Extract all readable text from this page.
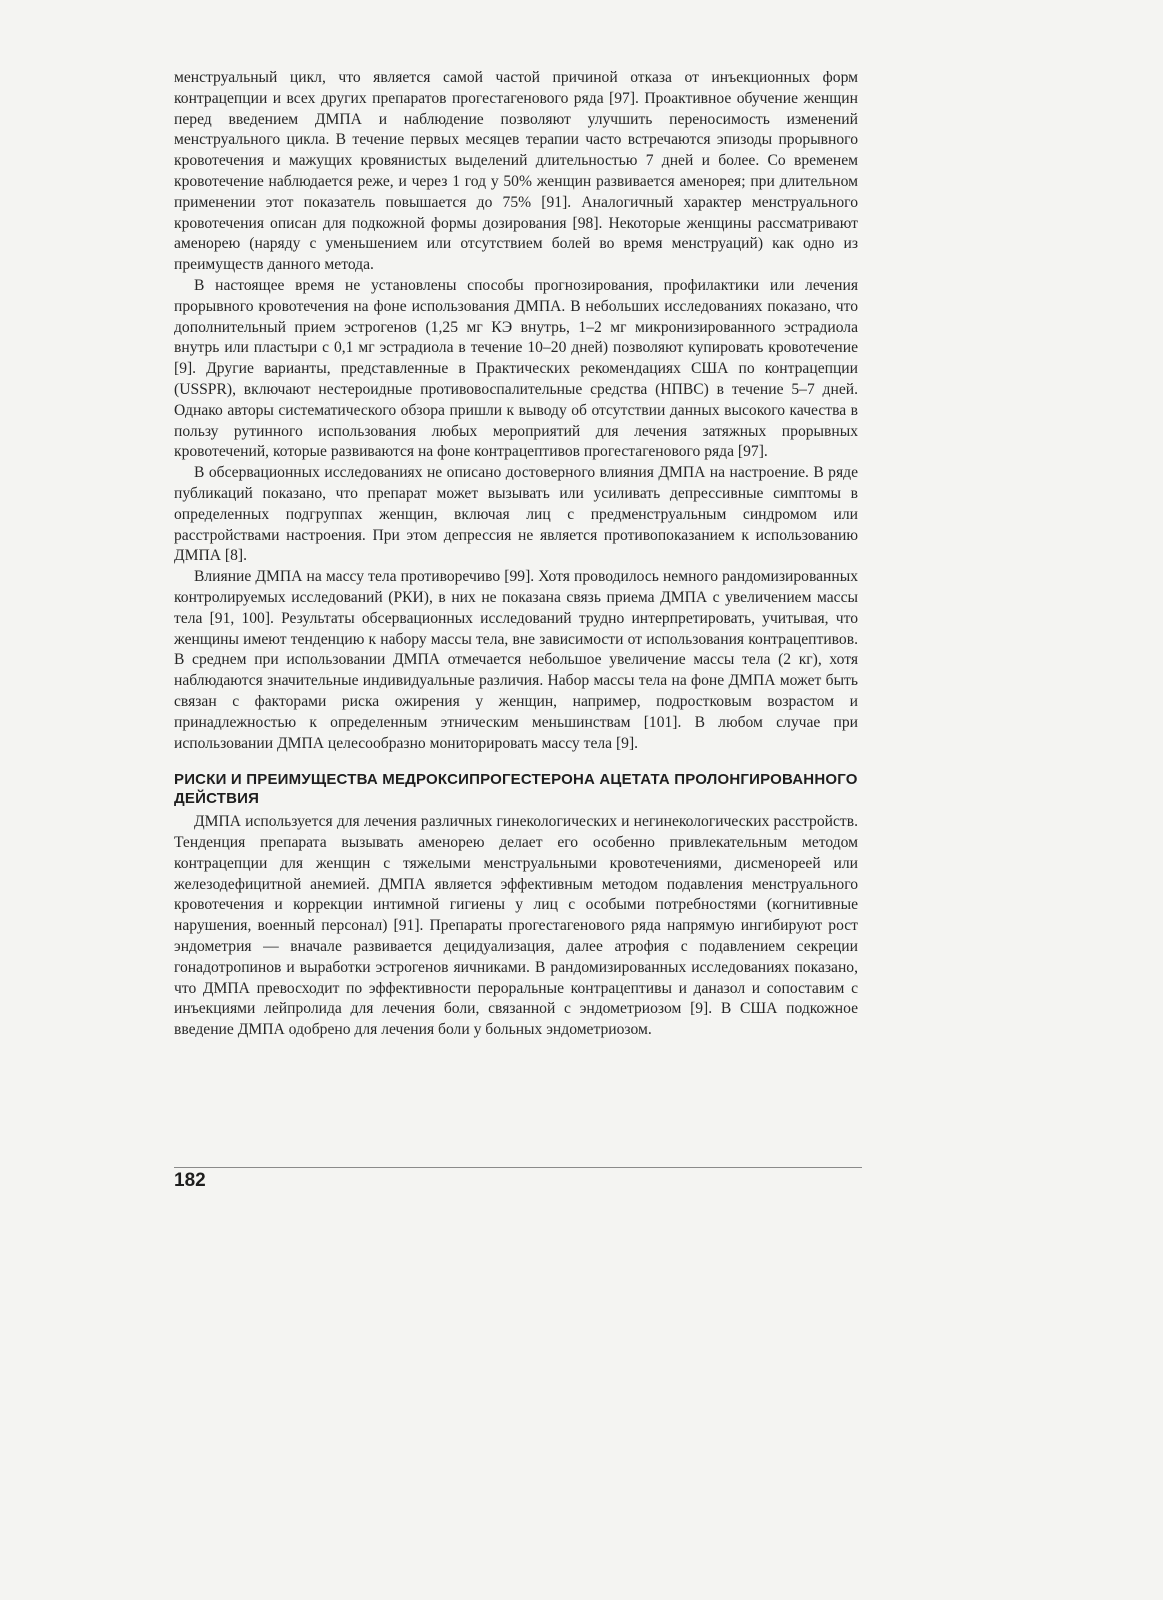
менструальный цикл, что является самой частой причиной отказа от инъекционных форм контрацепции и всех других препаратов прогестагенового ряда [97]. Проактивное обучение женщин перед введением ДМПА и наблюдение позволяют улучшить переносимость изменений менструального цикла. В течение первых месяцев терапии часто встречаются эпизоды прорывного кровотечения и мажущих кровянистых выделений длительностью 7 дней и более. Со временем кровотечение наблюдается реже, и через 1 год у 50% женщин развивается аменорея; при длительном применении этот показатель повышается до 75% [91]. Аналогичный характер менструального кровотечения описан для подкожной формы дозирования [98]. Некоторые женщины рассматривают аменорею (наряду с уменьшением или отсутствием болей во время менструаций) как одно из преимуществ данного метода.

В настоящее время не установлены способы прогнозирования, профилактики или лечения прорывного кровотечения на фоне использования ДМПА. В небольших исследованиях показано, что дополнительный прием эстрогенов (1,25 мг КЭ внутрь, 1–2 мг микронизированного эстрадиола внутрь или пластыри с 0,1 мг эстрадиола в течение 10–20 дней) позволяют купировать кровотечение [9]. Другие варианты, представленные в Практических рекомендациях США по контрацепции (USSPR), включают нестероидные противовоспалительные средства (НПВС) в течение 5–7 дней. Однако авторы систематического обзора пришли к выводу об отсутствии данных высокого качества в пользу рутинного использования любых мероприятий для лечения затяжных прорывных кровотечений, которые развиваются на фоне контрацептивов прогестагенового ряда [97].

В обсервационных исследованиях не описано достоверного влияния ДМПА на настроение. В ряде публикаций показано, что препарат может вызывать или усиливать депрессивные симптомы в определенных подгруппах женщин, включая лиц с предменструальным синдромом или расстройствами настроения. При этом депрессия не является противопоказанием к использованию ДМПА [8].

Влияние ДМПА на массу тела противоречиво [99]. Хотя проводилось немного рандомизированных контролируемых исследований (РКИ), в них не показана связь приема ДМПА с увеличением массы тела [91, 100]. Результаты обсервационных исследований трудно интерпретировать, учитывая, что женщины имеют тенденцию к набору массы тела, вне зависимости от использования контрацептивов. В среднем при использовании ДМПА отмечается небольшое увеличение массы тела (2 кг), хотя наблюдаются значительные индивидуальные различия. Набор массы тела на фоне ДМПА может быть связан с факторами риска ожирения у женщин, например, подростковым возрастом и принадлежностью к определенным этническим меньшинствам [101]. В любом случае при использовании ДМПА целесообразно мониторировать массу тела [9].

РИСКИ И ПРЕИМУЩЕСТВА МЕДРОКСИПРОГЕСТЕРОНА АЦЕТАТА ПРОЛОНГИРОВАННОГО ДЕЙСТВИЯ

ДМПА используется для лечения различных гинекологических и негинекологических расстройств. Тенденция препарата вызывать аменорею делает его особенно привлекательным методом контрацепции для женщин с тяжелыми менструальными кровотечениями, дисменореей или железодефицитной анемией. ДМПА является эффективным методом подавления менструального кровотечения и коррекции интимной гигиены у лиц с особыми потребностями (когнитивные нарушения, военный персонал) [91]. Препараты прогестагенового ряда напрямую ингибируют рост эндометрия — вначале развивается децидуализация, далее атрофия с подавлением секреции гонадотропинов и выработки эстрогенов яичниками. В рандомизированных исследованиях показано, что ДМПА превосходит по эффективности пероральные контрацептивы и даназол и сопоставим с инъекциями лейпролида для лечения боли, связанной с эндометриозом [9]. В США подкожное введение ДМПА одобрено для лечения боли у больных эндометриозом.

182
